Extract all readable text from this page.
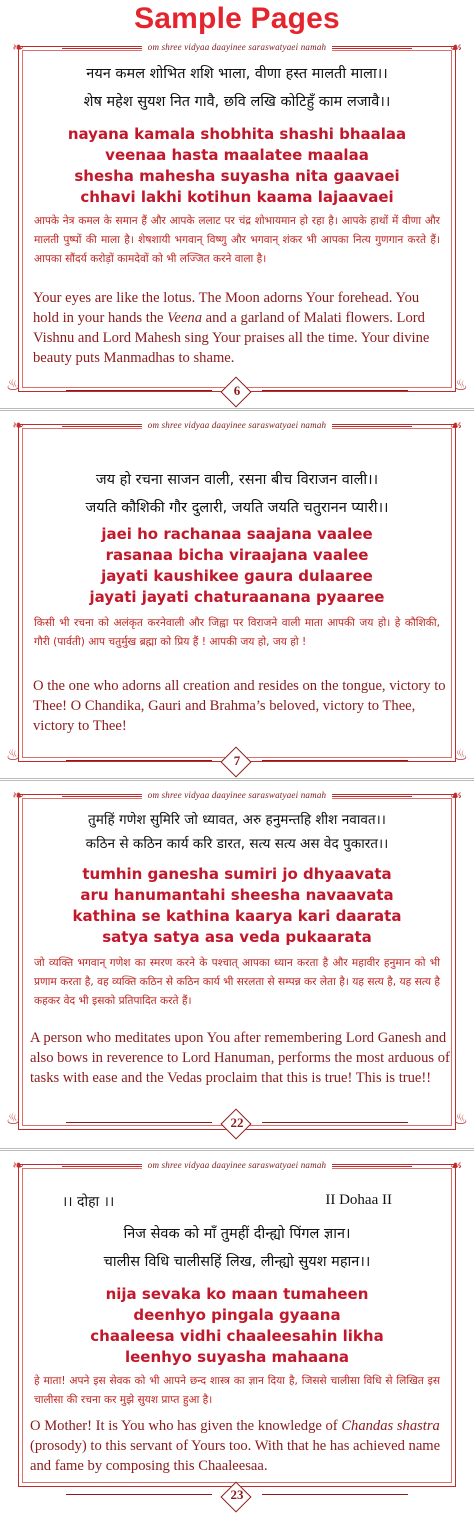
Sample Pages
om shree vidyaa daayinee saraswatyaei namah
❧	☙
नयन कमल शोभित शशि भाला, वीणा हस्त मालती माला।।
शेष महेश सुयश नित गावै, छवि लखि कोटिहुँ काम लजावै।।
nayana kamala shobhita shashi bhaalaa
veenaa hasta maalatee maalaa
shesha mahesha suyasha nita gaavaei
chhavi lakhi kotihun kaama lajaavaei
आपके नेत्र कमल के समान हैं और आपके ललाट पर चंद्र शोभायमान हो रहा है। आपके हाथों में वीणा और मालती पुष्पों की माला है। शेषशायी भगवान् विष्णु और भगवान् शंकर भी आपका नित्य गुणगान करते हैं। आपका सौंदर्य करोड़ों कामदेवों को भी लज्जित करने वाला है।
Your eyes are like the lotus. The Moon adorns Your forehead. You hold in your hands the Veena and a garland of Malati flowers. Lord Vishnu and Lord Mahesh sing Your praises all the time. Your divine beauty puts Manmadhas to shame.
6
♨	♨
om shree vidyaa daayinee saraswatyaei namah
❧	☙
जय हो रचना साजन वाली, रसना बीच विराजन वाली।।
जयति कौशिकी गौर दुलारी, जयति जयति चतुरानन प्यारी।।
jaei ho rachanaa saajana vaalee
rasanaa bicha viraajana vaalee
jayati kaushikee gaura dulaaree
jayati jayati chaturaanana pyaaree
किसी भी रचना को अलंकृत करनेवाली और जिह्वा पर विराजने वाली माता आपकी जय हो। हे कौशिकी, गौरी (पार्वती) आप चतुर्मुख ब्रह्मा को प्रिय हैं ! आपकी जय हो, जय हो !
O the one who adorns all creation and resides on the tongue, victory to Thee! O Chandika, Gauri and Brahma’s beloved, victory to Thee, victory to Thee!
7
♨	♨
om shree vidyaa daayinee saraswatyaei namah
❧	☙
तुमहिं गणेश सुमिरि जो ध्यावत, अरु हनुमन्तहि शीश नवावत।।
कठिन से कठिन कार्य करि डारत, सत्य सत्य अस वेद पुकारत।।
tumhin ganesha sumiri jo dhyaavata
aru hanumantahi sheesha navaavata
kathina se kathina kaarya kari daarata
satya satya asa veda pukaarata
जो व्यक्ति भगवान् गणेश का स्मरण करने के पश्चात् आपका ध्यान करता है और महावीर हनुमान को भी प्रणाम करता है, वह व्यक्ति कठिन से कठिन कार्य भी सरलता से सम्पन्न कर लेता है। यह सत्य है, यह सत्य है कहकर वेद भी इसको प्रतिपादित करते हैं।
A person who meditates upon You after remembering Lord Ganesh and also bows in reverence to Lord Hanuman, performs the most arduous of tasks with ease and the Vedas proclaim that this is true! This is true!!
22
♨	♨
om shree vidyaa daayinee saraswatyaei namah
❧	☙
।। दोहा ।।	II Dohaa II
निज सेवक को माँ तुमहीं दीन्ह्यो पिंगल ज्ञान।
चालीस विधि चालीसहिं लिख, लीन्ह्यो सुयश महान।।
nija sevaka ko maan tumaheen
deenhyo pingala gyaana
chaaleesa vidhi chaaleesahin likha
leenhyo suyasha mahaana
हे माता! अपने इस सेवक को भी आपने छन्द शास्त्र का ज्ञान दिया है, जिससे चालीसा विधि से लिखित इस चालीसा की रचना कर मुझे सुयश प्राप्त हुआ है।
O Mother! It is You who has given the knowledge of Chandas shastra (prosody) to this servant of Yours too. With that he has achieved name and fame by composing this Chaaleesaa.
23
